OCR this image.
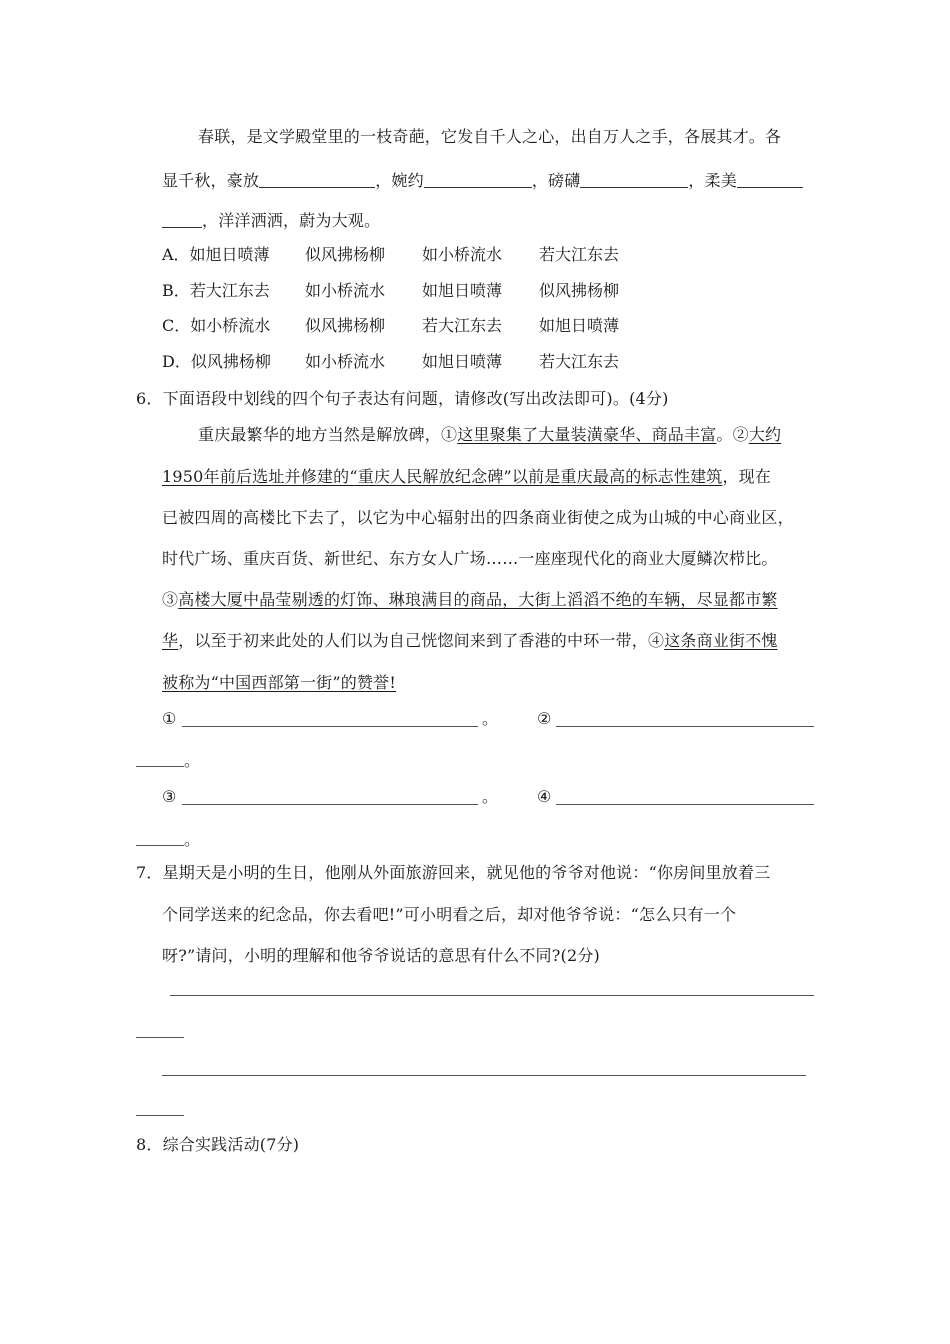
春联，是文学殿堂里的一枝奇葩，它发自千人之心，出自万人之手，各展其才。各
显千秋，豪放	，婉约	，磅礴	，柔美
，洋洋洒洒，蔚为大观。
A．如旭日喷薄 似风拂杨柳 如小桥流水 若大江东去
B．若大江东去 如小桥流水 如旭日喷薄 似风拂杨柳
C．如小桥流水 似风拂杨柳 若大江东去 如旭日喷薄
D．似风拂杨柳 如小桥流水 如旭日喷薄 若大江东去
6．下面语段中划线的四个句子表达有问题，请修改(写出改法即可)。(4分)
重庆最繁华的地方当然是解放碑，①这里聚集了大量装潢豪华、商品丰富。②大约
1950年前后选址并修建的“重庆人民解放纪念碑”以前是重庆最高的标志性建筑，现在
已被四周的高楼比下去了，以它为中心辐射出的四条商业街使之成为山城的中心商业区，
时代广场、重庆百货、新世纪、东方女人广场……一座座现代化的商业大厦鳞次栉比。
③高楼大厦中晶莹剔透的灯饰、琳琅满目的商品，大街上滔滔不绝的车辆，尽显都市繁
华，以至于初来此处的人们以为自己恍惚间来到了香港的中环一带，④这条商业街不愧
被称为“中国西部第一街”的赞誉!
①	。 ②
。
③	。 ④
。
7．星期天是小明的生日，他刚从外面旅游回来，就见他的爷爷对他说：“你房间里放着三
个同学送来的纪念品，你去看吧!”可小明看之后，却对他爷爷说：“怎么只有一个
呀?”请问，小明的理解和他爷爷说话的意思有什么不同?(2分)
8．综合实践活动(7分)
